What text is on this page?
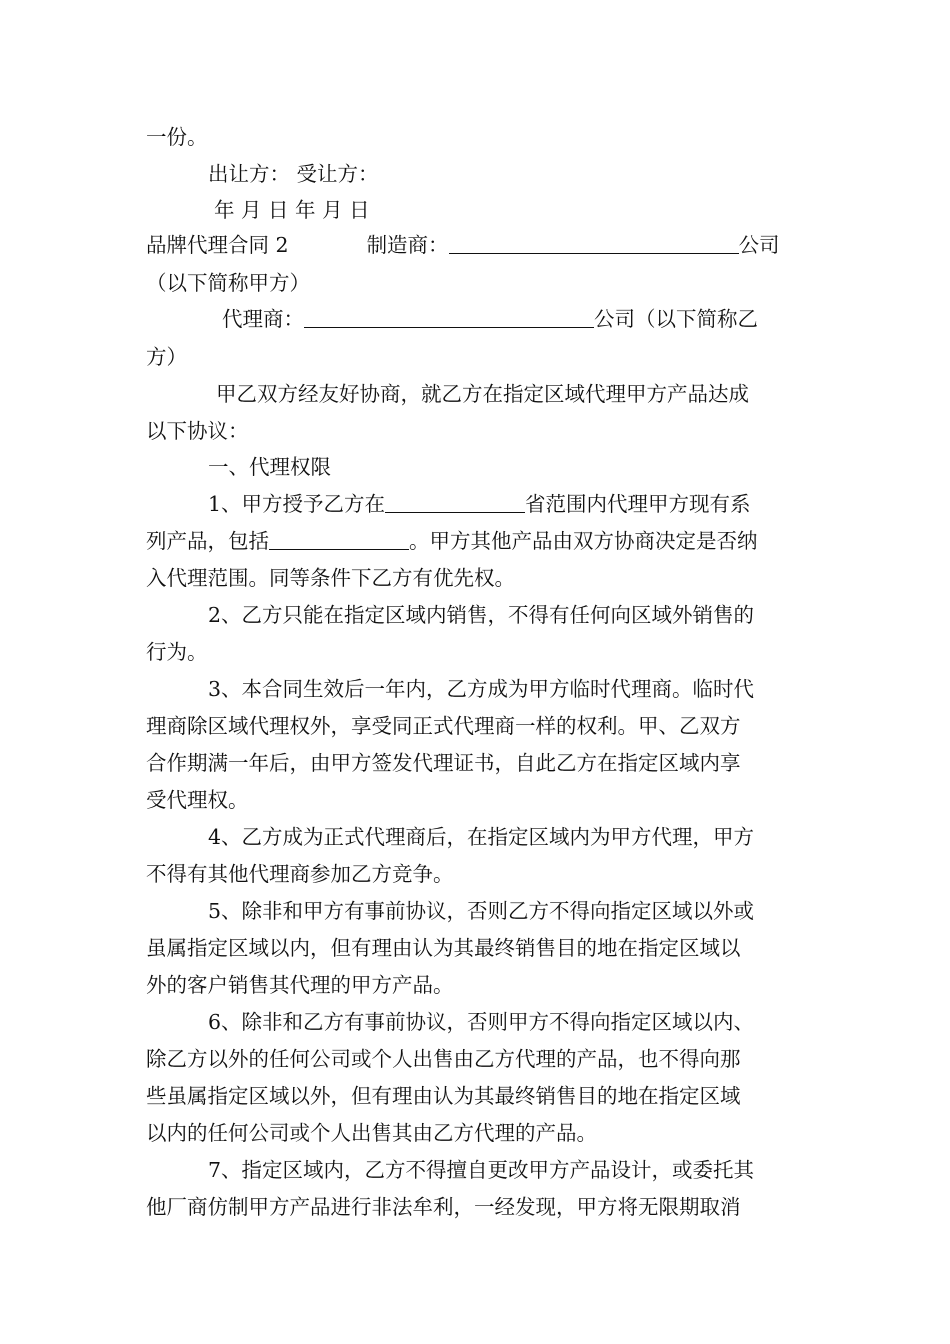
一份。
出让方： 受让方：
年 月 日 年 月 日
品牌代理合同 2	制造商：	公司
（以下简称甲方）
代理商：	公司（以下简称乙
方）
甲乙双方经友好协商，就乙方在指定区域代理甲方产品达成
以下协议：
一、代理权限
1、甲方授予乙方在	省范围内代理甲方现有系
列产品，包括	。甲方其他产品由双方协商决定是否纳
入代理范围。同等条件下乙方有优先权。
2、乙方只能在指定区域内销售，不得有任何向区域外销售的
行为。
3、本合同生效后一年内，乙方成为甲方临时代理商。临时代
理商除区域代理权外，享受同正式代理商一样的权利。甲、乙双方
合作期满一年后，由甲方签发代理证书，自此乙方在指定区域内享
受代理权。
4、乙方成为正式代理商后，在指定区域内为甲方代理，甲方
不得有其他代理商参加乙方竞争。
5、除非和甲方有事前协议，否则乙方不得向指定区域以外或
虽属指定区域以内，但有理由认为其最终销售目的地在指定区域以
外的客户销售其代理的甲方产品。
6、除非和乙方有事前协议，否则甲方不得向指定区域以内、
除乙方以外的任何公司或个人出售由乙方代理的产品，也不得向那
些虽属指定区域以外，但有理由认为其最终销售目的地在指定区域
以内的任何公司或个人出售其由乙方代理的产品。
7、指定区域内，乙方不得擅自更改甲方产品设计，或委托其
他厂商仿制甲方产品进行非法牟利，一经发现，甲方将无限期取消
